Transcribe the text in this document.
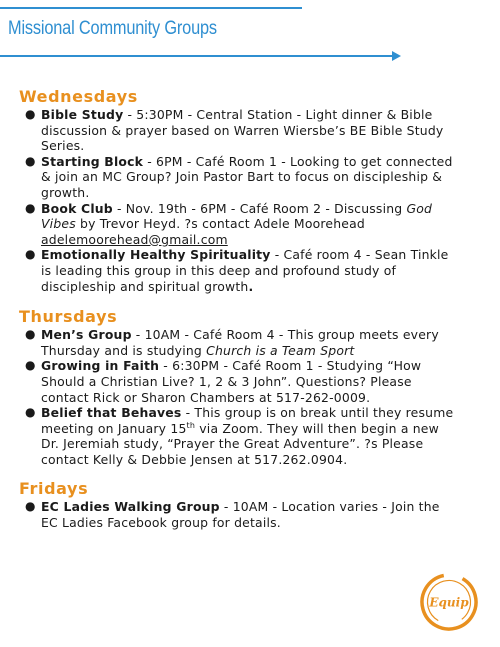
Missional Community Groups
Wednesdays
● Bible Study - 5:30PM - Central Station - Light dinner & Bible discussion & prayer based on Warren Wiersbe’s BE Bible Study Series.
● Starting Block - 6PM - Café Room 1 - Looking to get connected & join an MC Group? Join Pastor Bart to focus on discipleship & growth.
● Book Club - Nov. 19th - 6PM - Café Room 2 - Discussing God Vibes by Trevor Heyd. ?s contact Adele Moorehead adelemoorehead@gmail.com
● Emotionally Healthy Spirituality - Café room 4 - Sean Tinkle is leading this group in this deep and profound study of discipleship and spiritual growth.
Thursdays
● Men’s Group - 10AM - Café Room 4 - This group meets every Thursday and is studying Church is a Team Sport
● Growing in Faith - 6:30PM - Café Room 1 - Studying “How Should a Christian Live? 1, 2 & 3 John”. Questions? Please contact Rick or Sharon Chambers at 517-262-0009.
● Belief that Behaves - This group is on break until they resume meeting on January 15th via Zoom. They will then begin a new Dr. Jeremiah study, “Prayer the Great Adventure”. ?s Please contact Kelly & Debbie Jensen at 517.262.0904.
Fridays
● EC Ladies Walking Group - 10AM - Location varies - Join the EC Ladies Facebook group for details.
Equip
